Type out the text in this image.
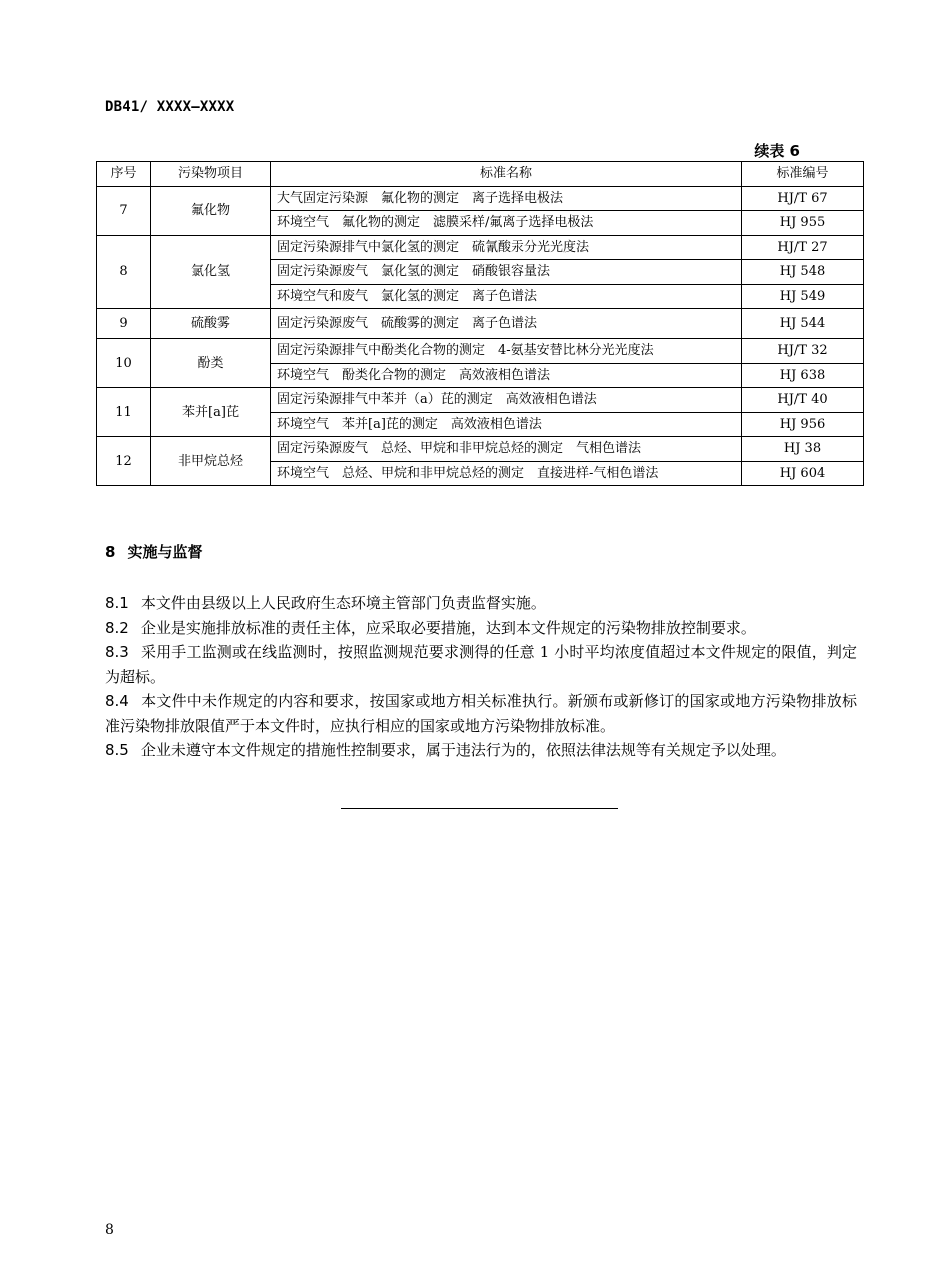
DB41/ XXXX—XXXX
续表 6
序号	污染物项目	标准名称	标准编号
7	氟化物	大气固定污染源　氟化物的测定　离子选择电极法	HJ/T 67
		环境空气　氟化物的测定　滤膜采样/氟离子选择电极法	HJ 955
8	氯化氢	固定污染源排气中氯化氢的测定　硫氰酸汞分光光度法	HJ/T 27
		固定污染源废气　氯化氢的测定　硝酸银容量法	HJ 548
		环境空气和废气　氯化氢的测定　离子色谱法	HJ 549
9	硫酸雾	固定污染源废气　硫酸雾的测定　离子色谱法	HJ 544
10	酚类	固定污染源排气中酚类化合物的测定　4-氨基安替比林分光光度法	HJ/T 32
		环境空气　酚类化合物的测定　高效液相色谱法	HJ 638
11	苯并[a]芘	固定污染源排气中苯并（a）芘的测定　高效液相色谱法	HJ/T 40
		环境空气　苯并[a]芘的测定　高效液相色谱法	HJ 956
12	非甲烷总烃	固定污染源废气　总烃、甲烷和非甲烷总烃的测定　气相色谱法	HJ 38
		环境空气　总烃、甲烷和非甲烷总烃的测定　直接进样-气相色谱法	HJ 604
8 实施与监督
8.1 本文件由县级以上人民政府生态环境主管部门负责监督实施。
8.2 企业是实施排放标准的责任主体，应采取必要措施，达到本文件规定的污染物排放控制要求。
8.3 采用手工监测或在线监测时，按照监测规范要求测得的任意 1 小时平均浓度值超过本文件规定的限值，判定为超标。
8.4 本文件中未作规定的内容和要求，按国家或地方相关标准执行。新颁布或新修订的国家或地方污染物排放标准污染物排放限值严于本文件时，应执行相应的国家或地方污染物排放标准。
8.5 企业未遵守本文件规定的措施性控制要求，属于违法行为的，依照法律法规等有关规定予以处理。
8
